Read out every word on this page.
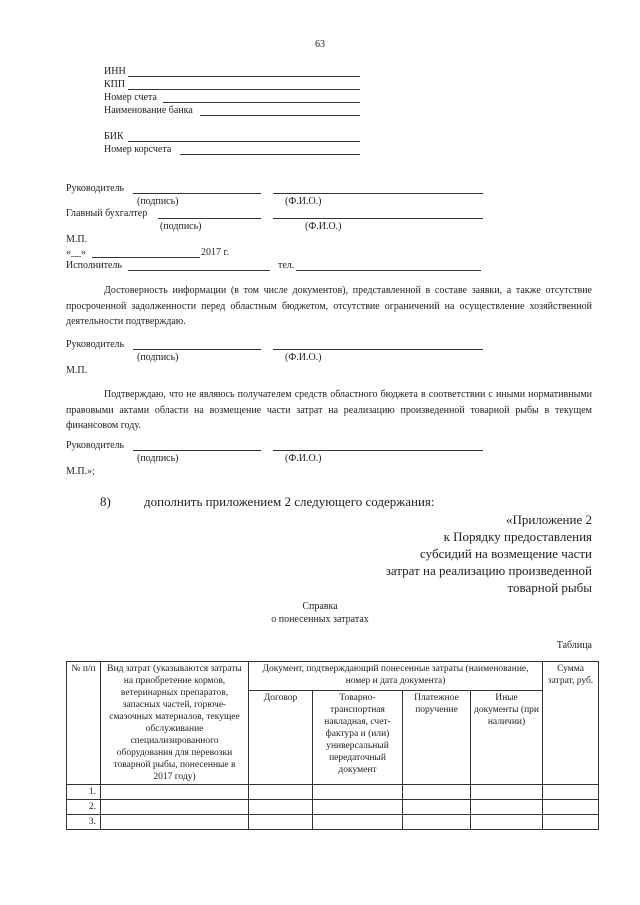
63
ИНН
КПП
Номер счета
Наименование банка
БИК
Номер корсчета
Руководитель
(подпись)	(Ф.И.О.)
Главный бухгалтер
(подпись)	(Ф.И.О.)
М.П.
«__»	2017 г.
Исполнитель	тел.
Достоверность информации (в том числе документов), представленной в составе заявки, а также отсутствие просроченной задолженности перед областным бюджетом, отсутствие ограничений на осуществление хозяйственной деятельности подтверждаю.
Руководитель
(подпись)	(Ф.И.О.)
М.П.
Подтверждаю, что не являюсь получателем средств областного бюджета в соответствии с иными нормативными правовыми актами области на возмещение части затрат на реализацию произведенной товарной рыбы в текущем финансовом году.
Руководитель
(подпись)	(Ф.И.О.)
М.П.»;
8)	дополнить приложением 2 следующего содержания:
«Приложение 2
к Порядку предоставления
субсидий на возмещение части
затрат на реализацию произведенной
товарной рыбы
Справка
о понесенных затратах
Таблица
№ п/п	Вид затрат (указываются затраты на приобретение кормов, ветеринарных препаратов, запасных частей, горюче-смазочных материалов, текущее обслуживание специализированного оборудования для перевозки товарной рыбы, понесенные в 2017 году)	Документ, подтверждающий понесенные затраты (наименование, номер и дата документа)				Сумма затрат, руб.
		Договор	Товарно-транспортная накладная, счет-фактура и (или) универсальный передаточный документ	Платежное поручение	Иные документы (при наличии)	
1.						
2.						
3.						
